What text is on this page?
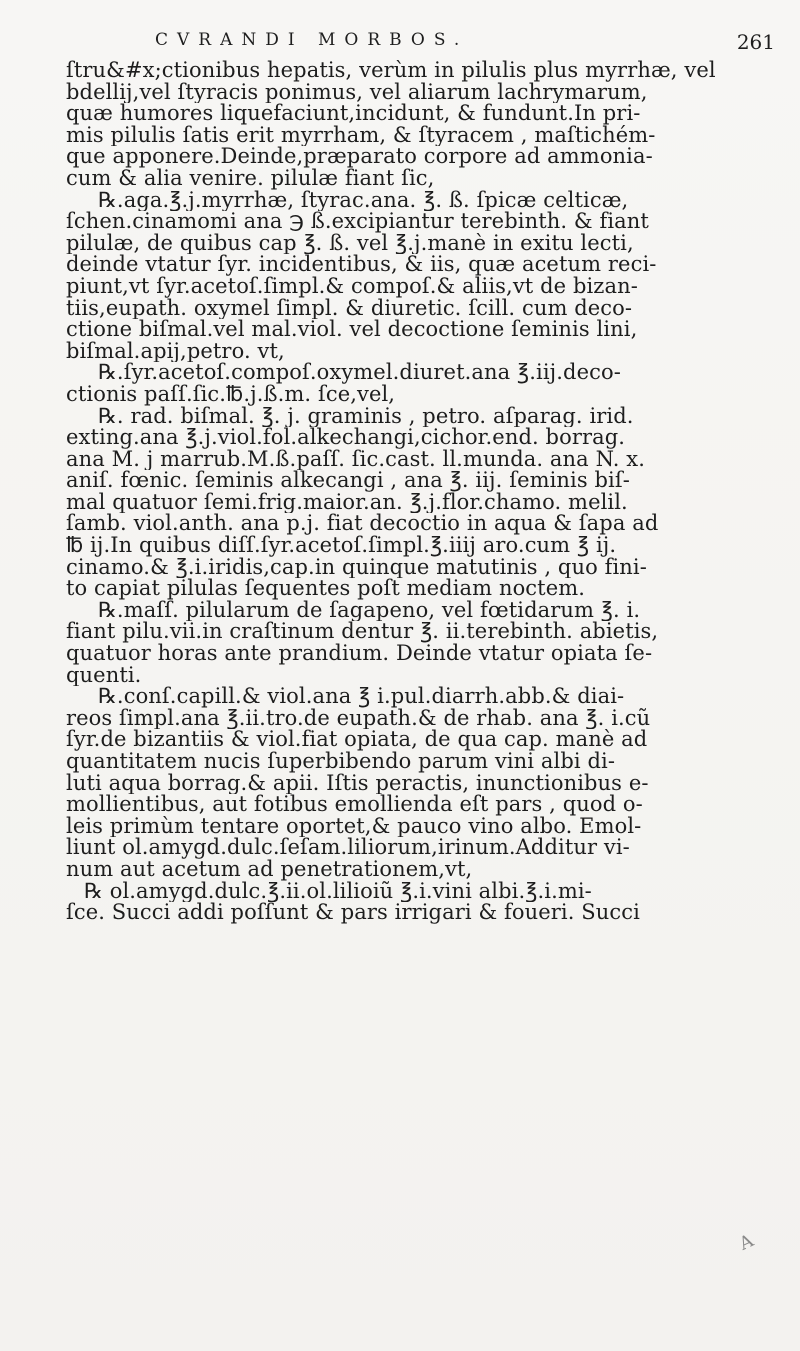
CVRANDI MORBOS.	261
ſtru&#x;ctionibus hepatis, verùm in pilulis plus myrrhæ, vel
bdellij,vel ſtyracis ponimus, vel aliarum lachrymarum,
quæ humores liquefaciunt,incidunt, & fundunt.In pri-
mis pilulis ſatis erit myrrham, & ſtyracem , maſtichém-
que apponere.Deinde,præparato corpore ad ammonia-
cum & alia venire. pilulæ fiant ſic,
℞.aga.℥.j.myrrhæ, ſtyrac.ana. ℥. ß. ſpicæ celticæ,
ſchen.cinamomi ana ℈ ß.excipiantur terebinth. & fiant
pilulæ, de quibus cap ℥. ß. vel ℥.j.manè in exitu lecti,
deinde vtatur ſyr. incidentibus, & iis, quæ acetum reci-
piunt,vt ſyr.acetoſ.ſimpl.& compoſ.& aliis,vt de bizan-
tiis,eupath. oxymel ſimpl. & diuretic. ſcill. cum deco-
ctione biſmal.vel mal.viol. vel decoctione ſeminis lini,
biſmal.apij,petro. vt,
℞.ſyr.acetoſ.compoſ.oxymel.diuret.ana ℥.iij.deco-
ctionis paſſ.ſic.℔.j.ß.m. ſce,vel,
℞. rad. biſmal. ℥. j. graminis , petro. aſparag. irid.
exting.ana ℥.j.viol.fol.alkechangi,cichor.end. borrag.
ana M. j marrub.M.ß.paſſ. ſic.cast. ll.munda. ana N. x.
aniſ. fœnic. ſeminis alkecangi , ana ℥. iij. ſeminis biſ-
mal quatuor ſemi.frig.maior.an. ℥.j.flor.chamo. melil.
ſamb. viol.anth. ana p.j. fiat decoctio in aqua & ſapa ad
℔ ij.In quibus diſſ.ſyr.acetoſ.ſimpl.℥.iiij aro.cum ℥ ij.
cinamo.& ℥.i.iridis,cap.in quinque matutinis , quo fini-
to capiat pilulas ſequentes poſt mediam noctem.
℞.maſſ. pilularum de ſagapeno, vel fœtidarum ℥. i.
fiant pilu.vii.in craſtinum dentur ℥. ii.terebinth. abietis,
quatuor horas ante prandium. Deinde vtatur opiata ſe-
quenti.
℞.conſ.capill.& viol.ana ℥ i.pul.diarrh.abb.& diai-
reos ſimpl.ana ℥.ii.tro.de eupath.& de rhab. ana ℥. i.cũ
ſyr.de bizantiis & viol.fiat opiata, de qua cap. manè ad
quantitatem nucis ſuperbibendo parum vini albi di-
luti aqua borrag.& apii. Iſtis peractis, inunctionibus e-
mollientibus, aut fotibus emollienda eſt pars , quod o-
leis primùm tentare oportet,& pauco vino albo. Emol-
liunt ol.amygd.dulc.ſeſam.liliorum,irinum.Additur vi-
num aut acetum ad penetrationem,vt,
℞ ol.amygd.dulc.℥.ii.ol.lilioiũ ℥.i.vini albi.℥.i.mi-
ſce. Succi addi poſſunt & pars irrigari & foueri. Succi
A
